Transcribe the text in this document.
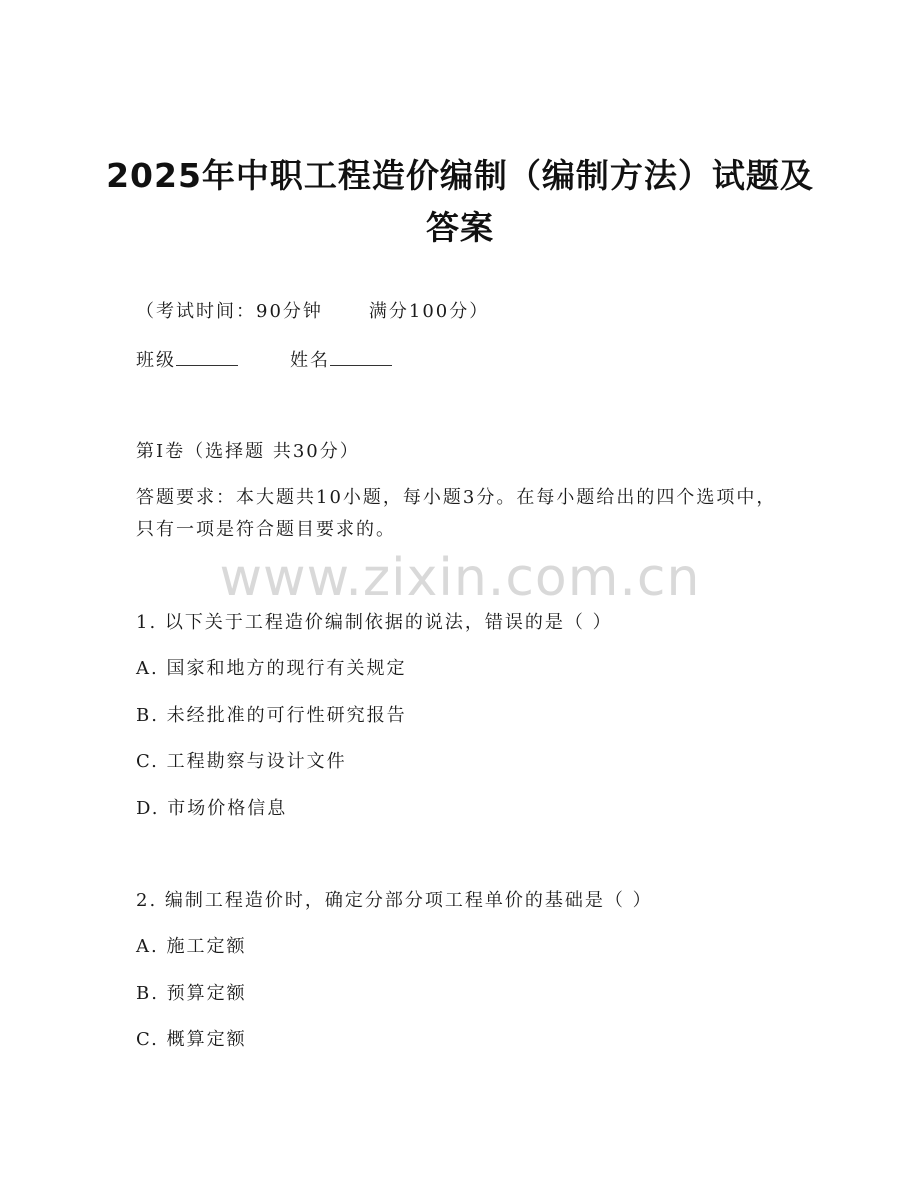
www.zixin.com.cn
2025年中职工程造价编制（编制方法）试题及答案
（考试时间：90分钟	满分100分）
班级	姓名
第Ⅰ卷（选择题 共30分）
答题要求：本大题共10小题，每小题3分。在每小题给出的四个选项中，只有一项是符合题目要求的。
1. 以下关于工程造价编制依据的说法，错误的是（ ）
A. 国家和地方的现行有关规定
B. 未经批准的可行性研究报告
C. 工程勘察与设计文件
D. 市场价格信息
2. 编制工程造价时，确定分部分项工程单价的基础是（ ）
A. 施工定额
B. 预算定额
C. 概算定额
